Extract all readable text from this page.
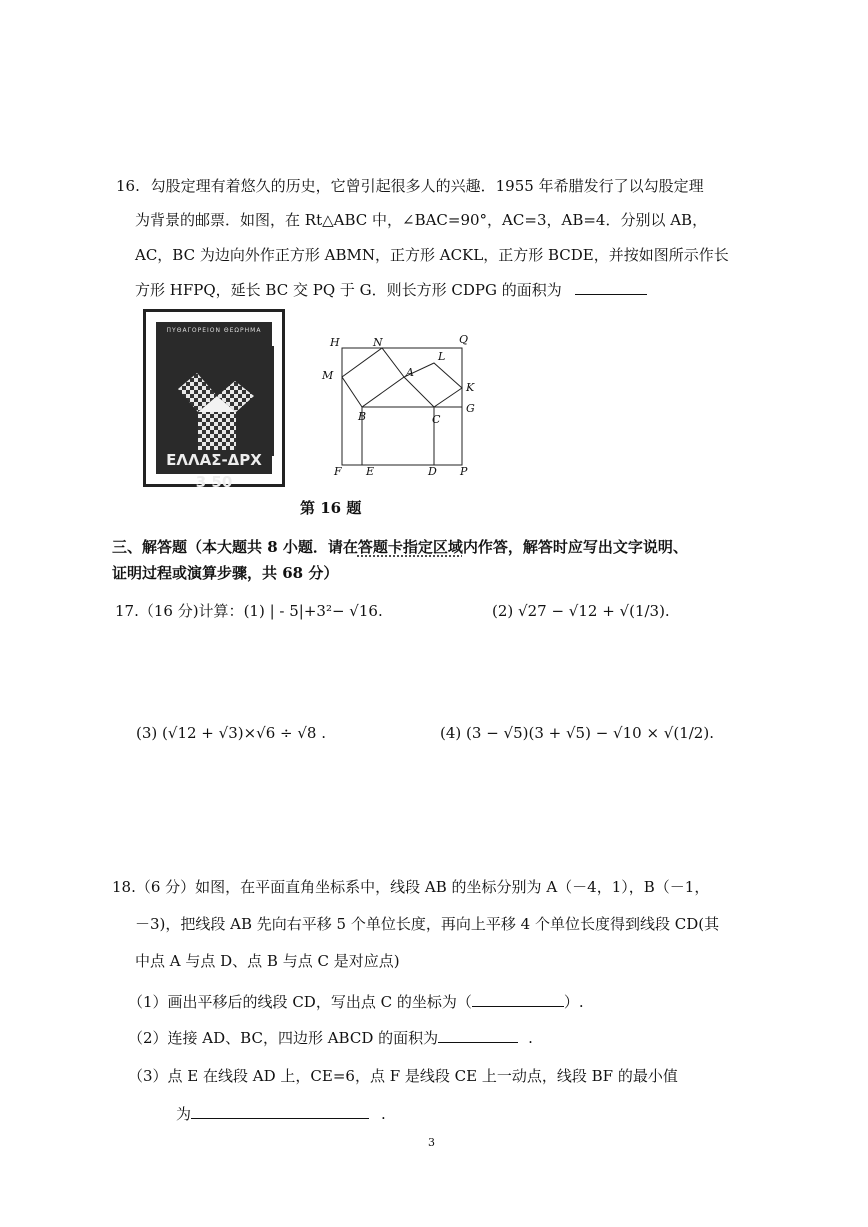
16. 勾股定理有着悠久的历史，它曾引起很多人的兴趣．1955 年希腊发行了以勾股定理
为背景的邮票．如图，在 Rt△ABC 中，∠BAC=90°，AC=3，AB=4．分别以 AB，
AC，BC 为边向外作正方形 ABMN，正方形 ACKL，正方形 BCDE，并按如图所示作长
方形 HFPQ，延长 BC 交 PQ 于 G．则长方形 CDPG 的面积为
ΠΥΘΑΓΟΡΕΙΟΝ ΘΕΩΡΗΜΑ
ΕΛΛΑΣ-ΔΡΧ 3 50
H	N	Q
L
M	A
K
B	C
G
F E	D P
第 16 题
三、解答题（本大题共 8 小题．请在答题卡指定区域内作答，解答时应写出文字说明、
证明过程或演算步骤，共 68 分）
17.（16 分)计算：(1) | - 5|+3²− √16.	(2) √27 − √12 + √(1/3).
(3) (√12 + √3)×√6 ÷ √8 .	(4) (3 − √5)(3 + √5) − √10 × √(1/2).
18.（6 分）如图，在平面直角坐标系中，线段 AB 的坐标分别为 A（－4，1），B（－1，
－3)，把线段 AB 先向右平移 5 个单位长度，再向上平移 4 个单位长度得到线段 CD(其
中点 A 与点 D、点 B 与点 C 是对应点)
（1）画出平移后的线段 CD，写出点 C 的坐标为（	）.
（2）连接 AD、BC，四边形 ABCD 的面积为	.
（3）点 E 在线段 AD 上，CE=6，点 F 是线段 CE 上一动点，线段 BF 的最小值
为	.
3
